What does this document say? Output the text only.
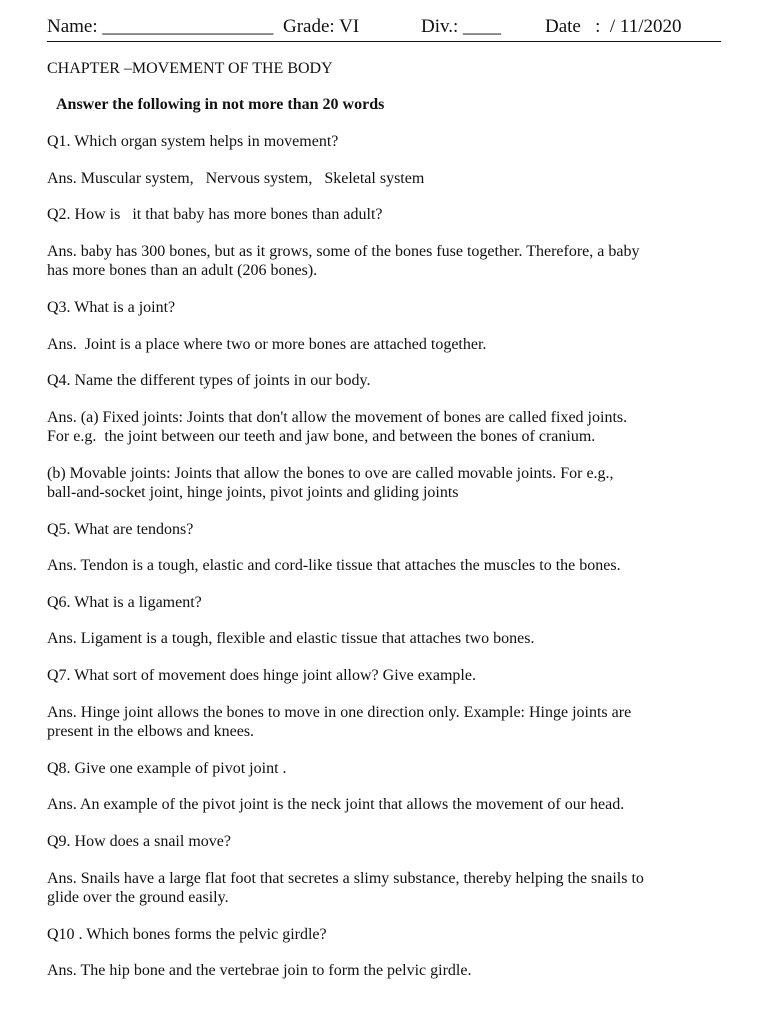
Name: __________________

Grade: VI

	Div.: ____

Date   :  / 11/2020

CHAPTER –MOVEMENT OF THE BODY
Answer the following in not more than 20 words
Q1. Which organ system helps in movement?
Ans. Muscular system,   Nervous system,   Skeletal system
Q2. How is   it that baby has more bones than adult?
Ans. baby has 300 bones, but as it grows, some of the bones fuse together. Therefore, a baby
has more bones than an adult (206 bones).
Q3. What is a joint?
Ans.  Joint is a place where two or more bones are attached together.
Q4. Name the different types of joints in our body.
Ans. (a) Fixed joints: Joints that don't allow the movement of bones are called fixed joints.
For e.g.  the joint between our teeth and jaw bone, and between the bones of cranium.
(b) Movable joints: Joints that allow the bones to ove are called movable joints. For e.g.,
ball-and-socket joint, hinge joints, pivot joints and gliding joints
Q5. What are tendons?
Ans. Tendon is a tough, elastic and cord-like tissue that attaches the muscles to the bones.
Q6. What is a ligament?
Ans. Ligament is a tough, flexible and elastic tissue that attaches two bones.
Q7. What sort of movement does hinge joint allow? Give example.
Ans. Hinge joint allows the bones to move in one direction only. Example: Hinge joints are
present in the elbows and knees.
Q8. Give one example of pivot joint .
Ans. An example of the pivot joint is the neck joint that allows the movement of our head.
Q9. How does a snail move?
Ans. Snails have a large flat foot that secretes a slimy substance, thereby helping the snails to
glide over the ground easily.
Q10 . Which bones forms the pelvic girdle?
Ans. The hip bone and the vertebrae join to form the pelvic girdle.
